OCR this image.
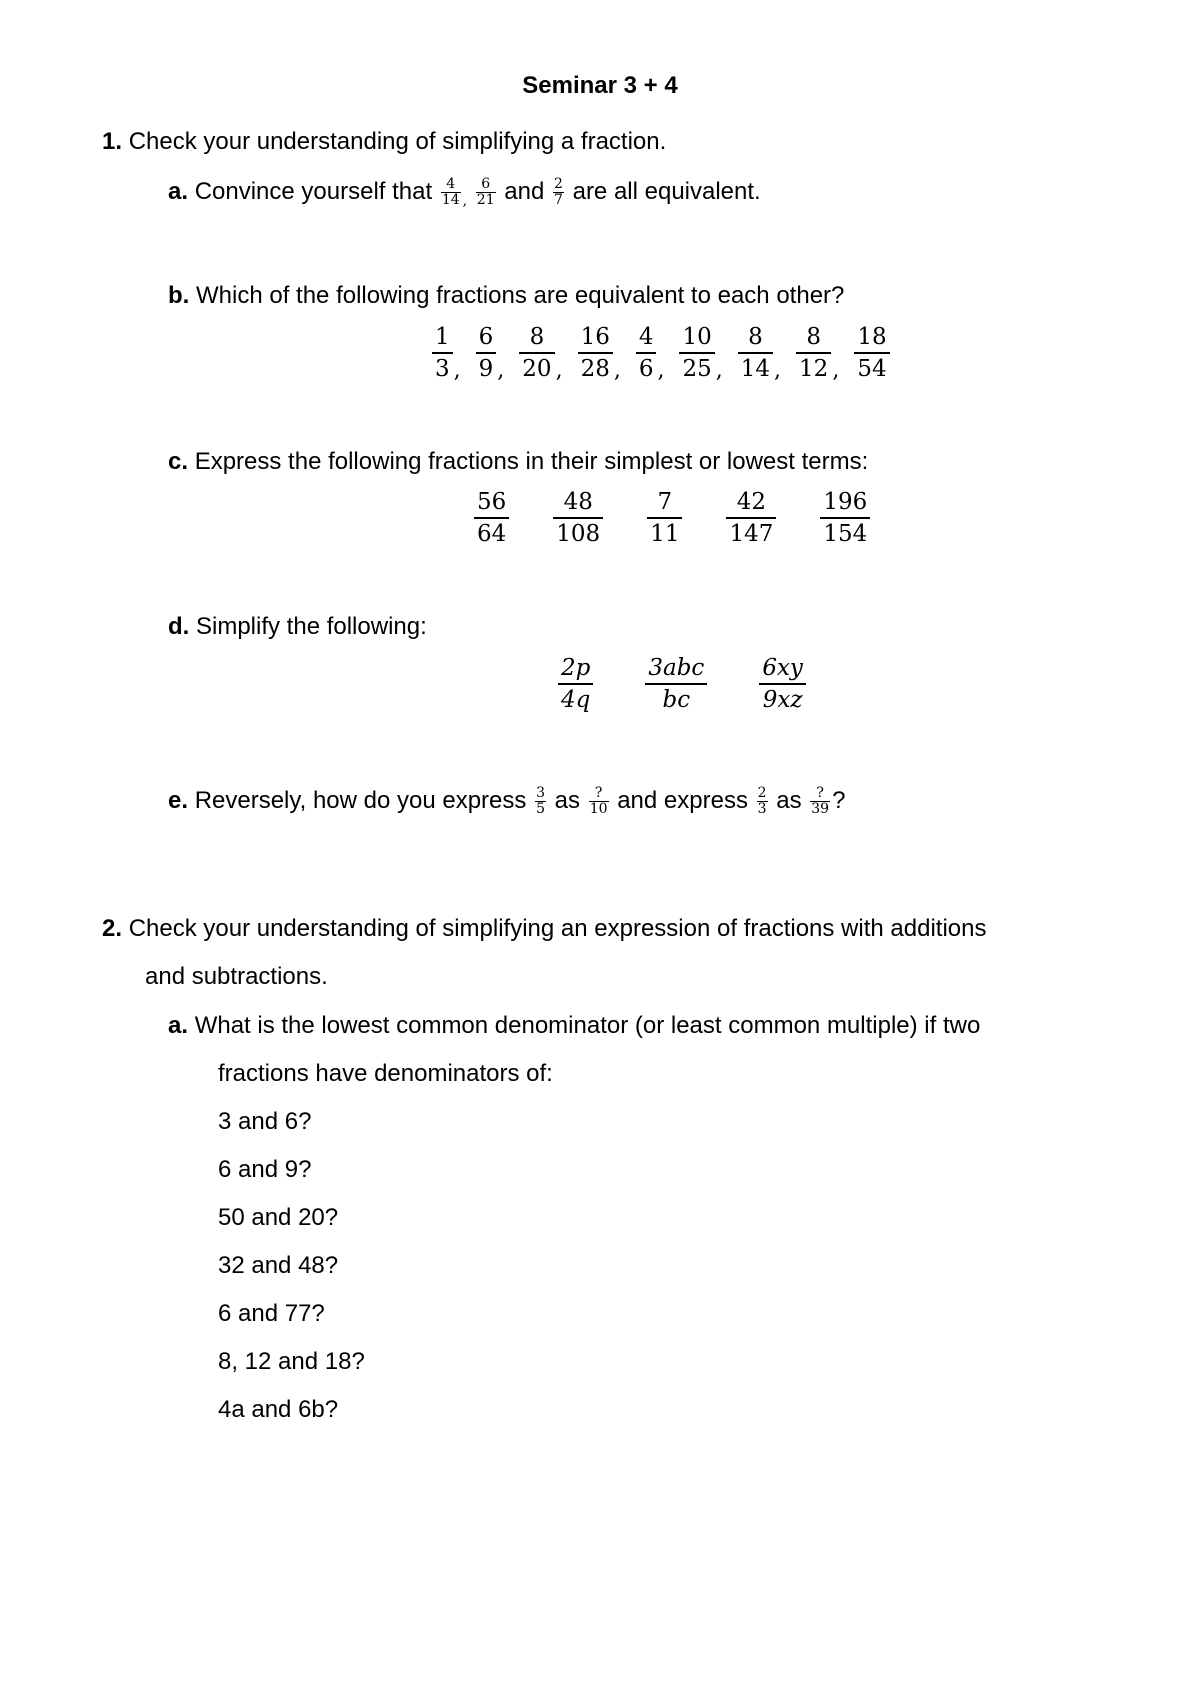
Seminar 3 + 4
1. Check your understanding of simplifying a fraction.
a. Convince yourself that $\frac{4}{14} _, \frac{6}{21}$ and $\frac{2}{7}$ are all equivalent.
b. Which of the following fractions are equivalent to each other?
$\frac{1}{3}$ , $\frac{6}{9}$ , $\frac{8}{20}$ , $\frac{16}{28}$ , $\frac{4}{6}$ , $\frac{10}{25}$ , $\frac{8}{14}$ , $\frac{8}{12}$ , $\frac{18}{54}$
c. Express the following fractions in their simplest or lowest terms:
$\frac{56}{64} \frac{48}{108} \frac{7}{11} \frac{42}{147} \frac{196}{154}$
d. Simplify the following:
$\frac{2p}{4q} \frac{\text{3abc}}{bc} \frac{6xy}{9xz}$
e. Reversely, how do you express $\frac{3}{5}$ as	?
10 and express $\frac{2}{3}$ as	?
39 ?
2. Check your understanding of simplifying an expression of fractions with additions
and subtractions.
a. What is the lowest common denominator (or least common multiple) if two
fractions have denominators of:
3 and 6?
6 and 9?
50 and 20?
32 and 48?
6 and 77?
8, 12 and 18?
4a and 6b?
